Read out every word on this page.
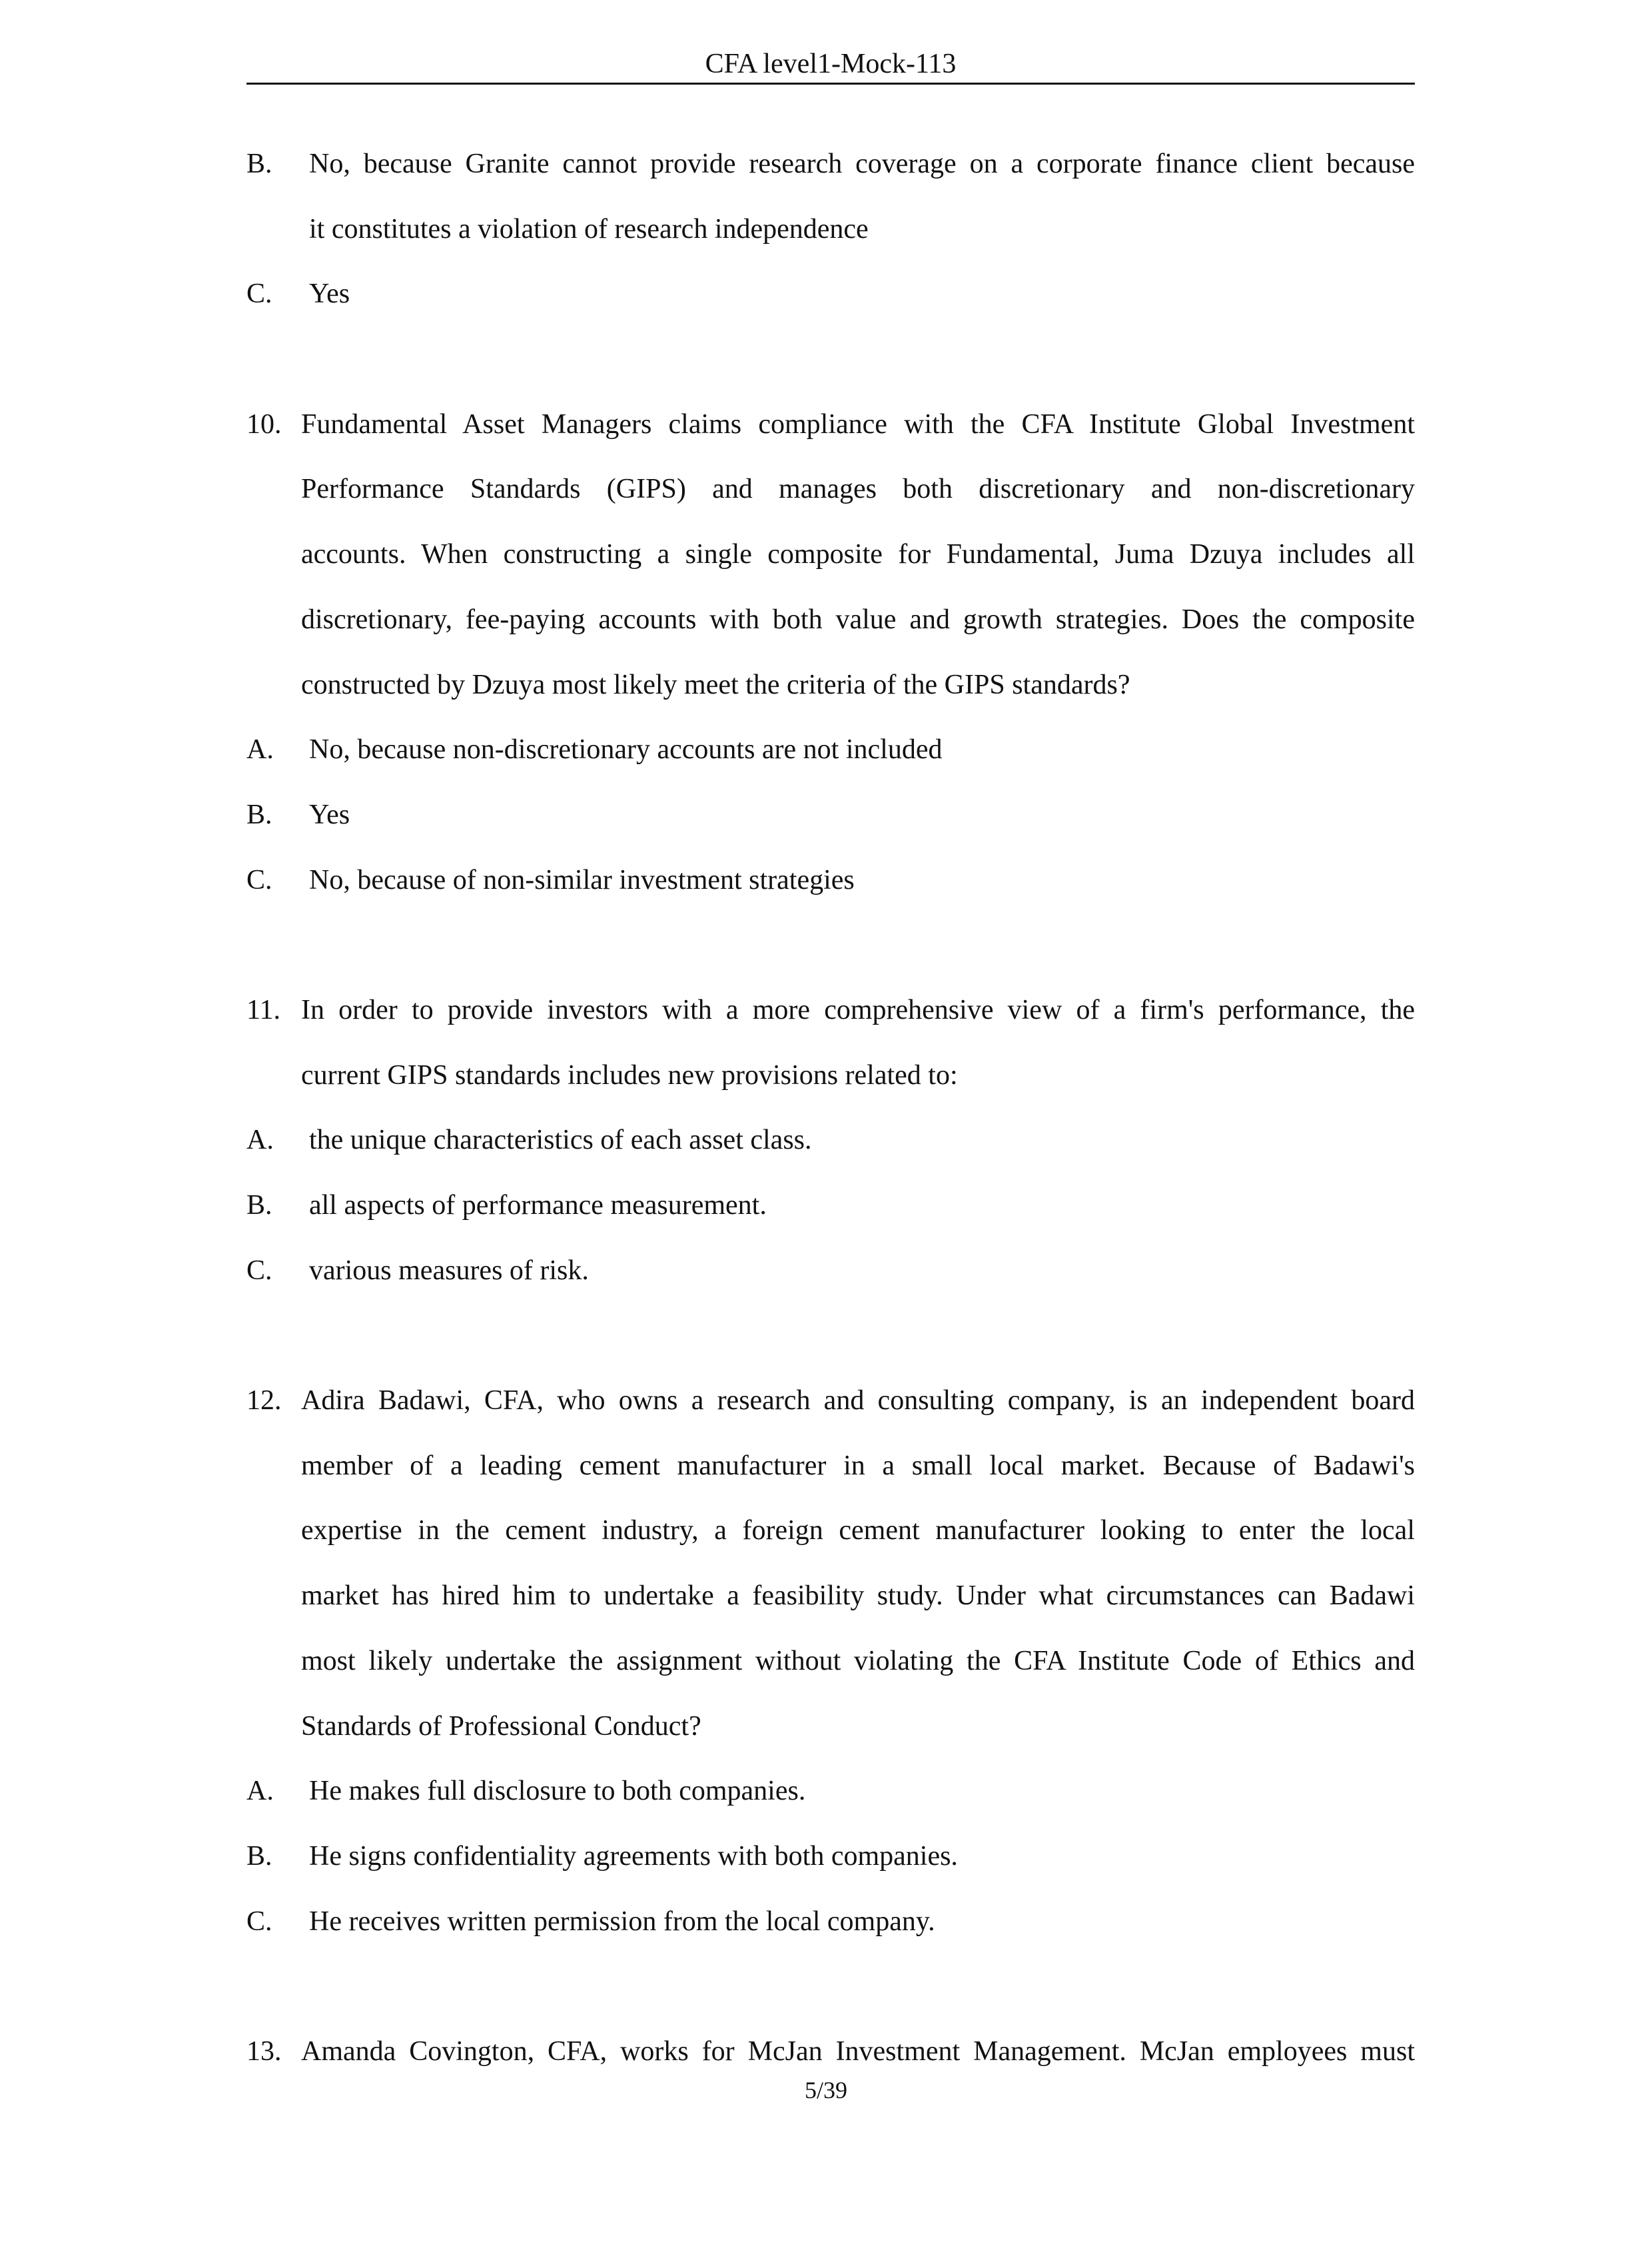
CFA level1-Mock-113
B.	No, because Granite cannot provide research coverage on a corporate finance client because
it constitutes a violation of research independence
C.	Yes
10. Fundamental Asset Managers claims compliance with the CFA Institute Global Investment
Performance Standards (GIPS) and manages both discretionary and non-discretionary
accounts. When constructing a single composite for Fundamental, Juma Dzuya includes all
discretionary, fee-paying accounts with both value and growth strategies. Does the composite
constructed by Dzuya most likely meet the criteria of the GIPS standards?
A.	No, because non-discretionary accounts are not included
B.	Yes
C.	No, because of non-similar investment strategies
11. In order to provide investors with a more comprehensive view of a firm's performance, the
current GIPS standards includes new provisions related to:
A.	the unique characteristics of each asset class.
B.	all aspects of performance measurement.
C.	various measures of risk.
12. Adira Badawi, CFA, who owns a research and consulting company, is an independent board
member of a leading cement manufacturer in a small local market. Because of Badawi's
expertise in the cement industry, a foreign cement manufacturer looking to enter the local
market has hired him to undertake a feasibility study. Under what circumstances can Badawi
most likely undertake the assignment without violating the CFA Institute Code of Ethics and
Standards of Professional Conduct?
A.	He makes full disclosure to both companies.
B.	He signs confidentiality agreements with both companies.
C.	He receives written permission from the local company.
13. Amanda Covington, CFA, works for McJan Investment Management. McJan employees must
5/39
